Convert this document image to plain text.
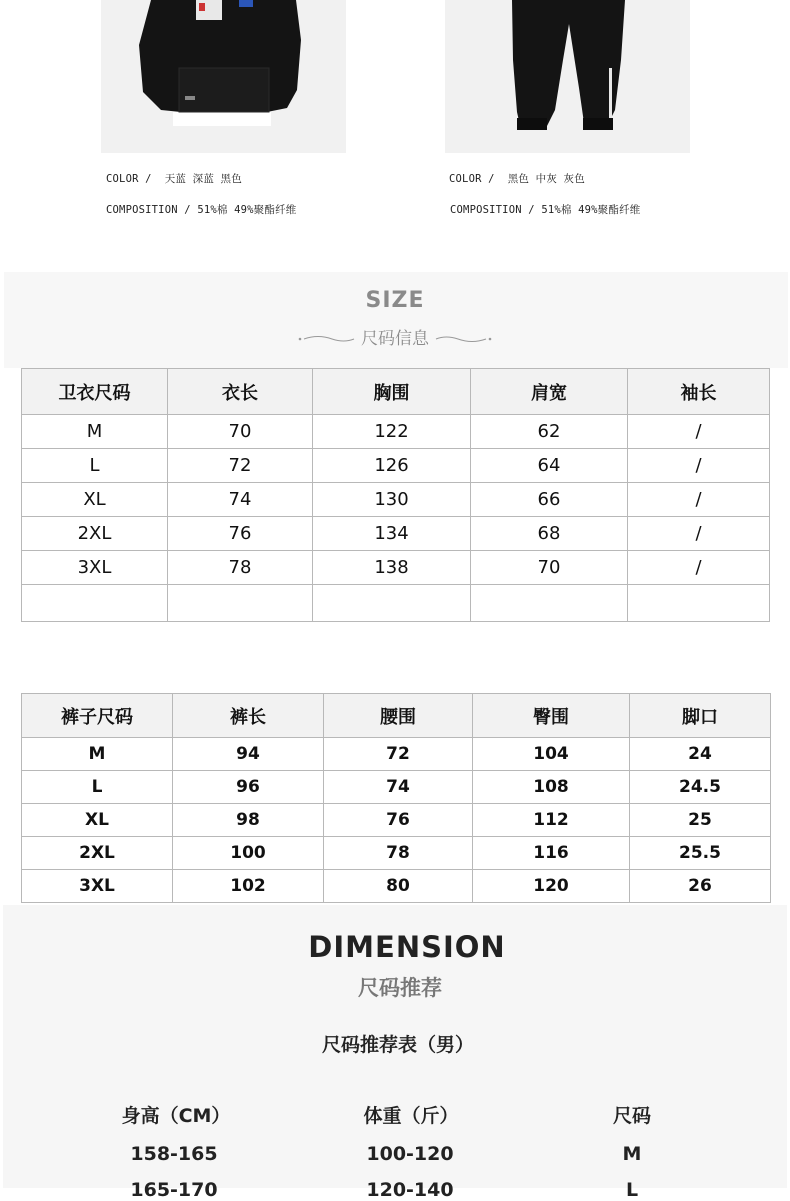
COLOR / 天蓝 深蓝 黑色
COMPOSITION / 51%棉 49%聚酯纤维
COLOR / 黑色 中灰 灰色
COMPOSITION / 51%棉 49%聚酯纤维
SIZE
尺码信息
卫衣尺码	衣长	胸围	肩宽	袖长
M	70	122	62	/
L	72	126	64	/
XL	74	130	66	/
2XL	76	134	68	/
3XL	78	138	70	/

裤子尺码	裤长	腰围	臀围	脚口
M	94	72	104	24
L	96	74	108	24.5
XL	98	76	112	25
2XL	100	78	116	25.5
3XL	102	80	120	26
DIMENSION
尺码推荐
尺码推荐表（男）
身高（CM）	体重（斤）	尺码
158-165	100-120	M
165-170	120-140	L
